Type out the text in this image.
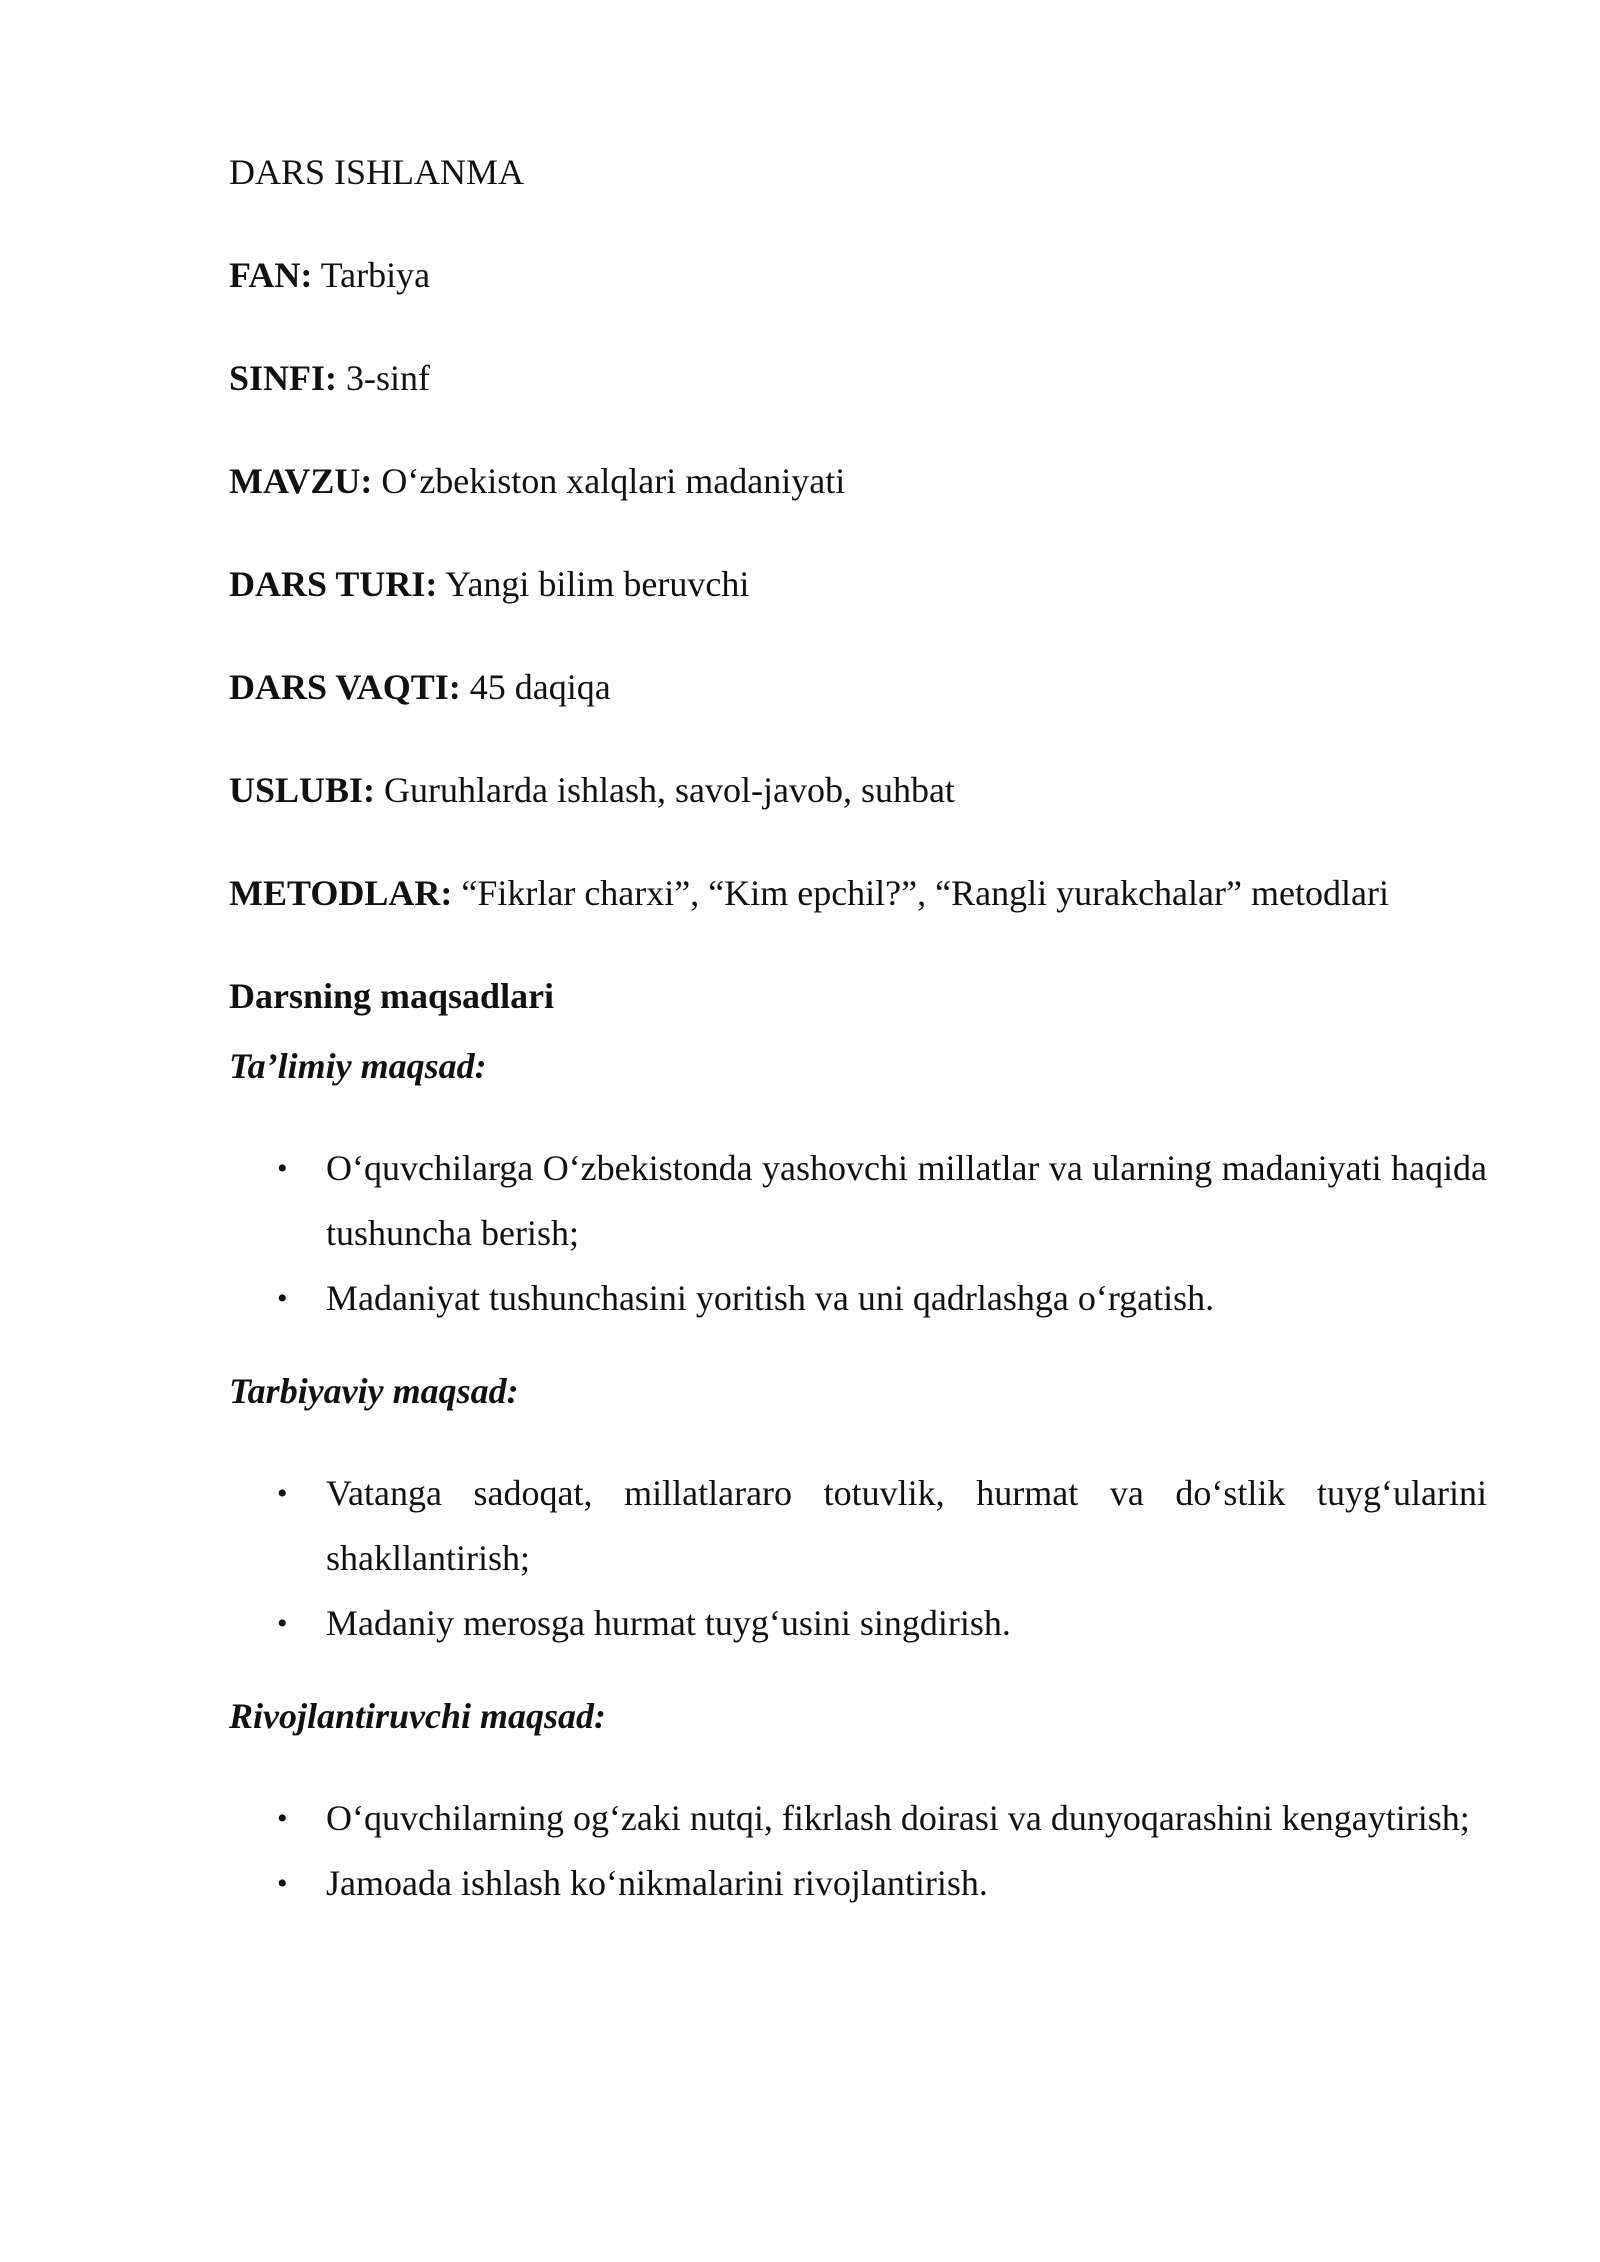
DARS ISHLANMA

FAN: Tarbiya

SINFI: 3-sinf

MAVZU: O‘zbekiston xalqlari madaniyati

DARS TURI: Yangi bilim beruvchi

DARS VAQTI: 45 daqiqa

USLUBI: Guruhlarda ishlash, savol-javob, suhbat

METODLAR: “Fikrlar charxi”, “Kim epchil?”, “Rangli yurakchalar” metodlari

Darsning maqsadlari

Ta’limiy maqsad:

• O‘quvchilarga O‘zbekistonda yashovchi millatlar va ularning madaniyati haqida tushuncha berish;
• Madaniyat tushunchasini yoritish va uni qadrlashga o‘rgatish.

Tarbiyaviy maqsad:

• Vatanga sadoqat, millatlararo totuvlik, hurmat va do‘stlik tuyg‘ularini shakllantirish;
• Madaniy merosga hurmat tuyg‘usini singdirish.

Rivojlantiruvchi maqsad:

• O‘quvchilarning og‘zaki nutqi, fikrlash doirasi va dunyoqarashini kengaytirish;
• Jamoada ishlash ko‘nikmalarini rivojlantirish.
